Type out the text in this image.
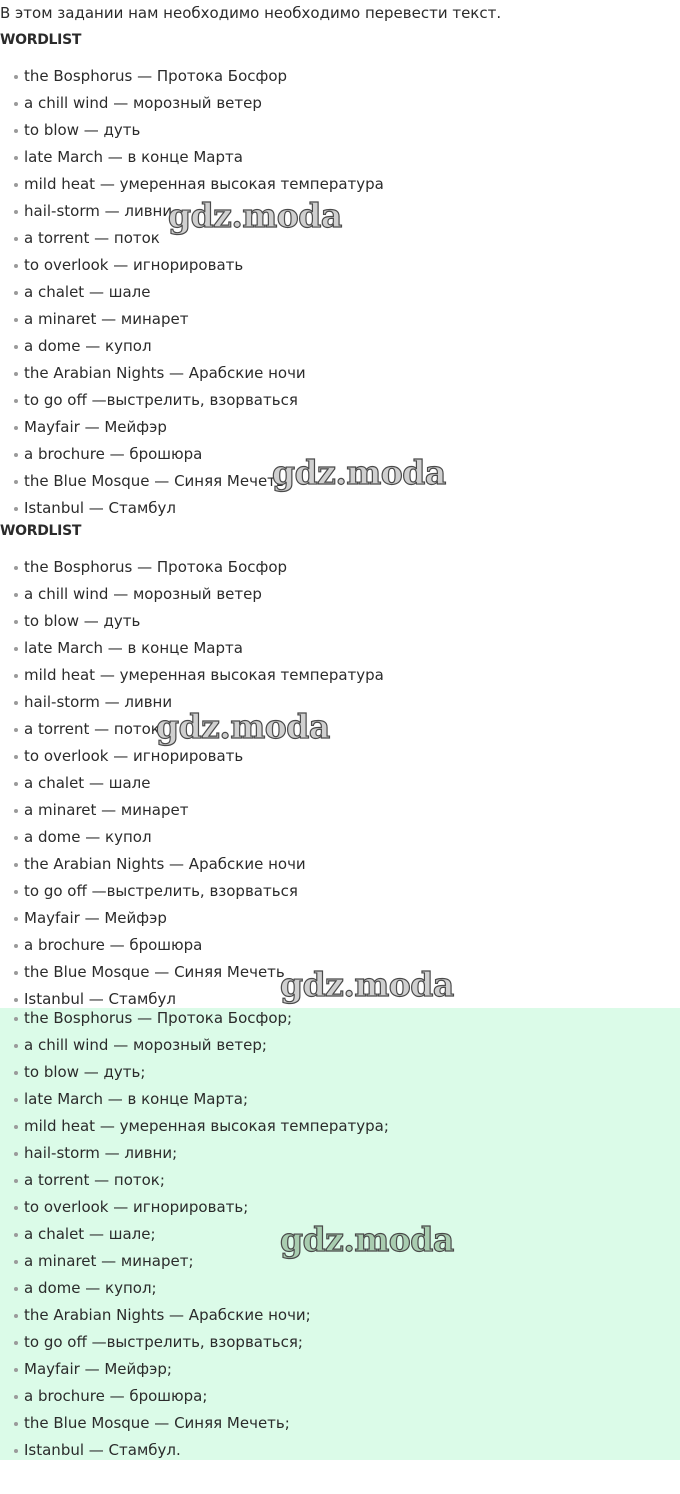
В этом задании нам необходимо необходимо перевести текст.
WORDLIST
the Bosphorus — Протока Босфор
a chill wind — морозный ветер
to blow — дуть
late March — в конце Марта
mild heat — умеренная высокая температура
hail-storm — ливни
a torrent — поток
to overlook — игнорировать
a chalet — шале
a minaret — минарет
a dome — купол
the Arabian Nights — Арабские ночи
to go off —выстрелить, взорваться
Mayfair — Мейфэр
a brochure — брошюра
the Blue Mosque — Синяя Мечеть
Istanbul — Стамбул
WORDLIST
the Bosphorus — Протока Босфор
a chill wind — морозный ветер
to blow — дуть
late March — в конце Марта
mild heat — умеренная высокая температура
hail-storm — ливни
a torrent — поток
to overlook — игнорировать
a chalet — шале
a minaret — минарет
a dome — купол
the Arabian Nights — Арабские ночи
to go off —выстрелить, взорваться
Mayfair — Мейфэр
a brochure — брошюра
the Blue Mosque — Синяя Мечеть
Istanbul — Стамбул
the Bosphorus — Протока Босфор;
a chill wind — морозный ветер;
to blow — дуть;
late March — в конце Марта;
mild heat — умеренная высокая температура;
hail-storm — ливни;
a torrent — поток;
to overlook — игнорировать;
a chalet — шале;
a minaret — минарет;
a dome — купол;
the Arabian Nights — Арабские ночи;
to go off —выстрелить, взорваться;
Mayfair — Мейфэр;
a brochure — брошюра;
the Blue Mosque — Синяя Мечеть;
Istanbul — Стамбул.
gdz.moda
gdz.moda
gdz.moda
gdz.moda
gdz.moda
